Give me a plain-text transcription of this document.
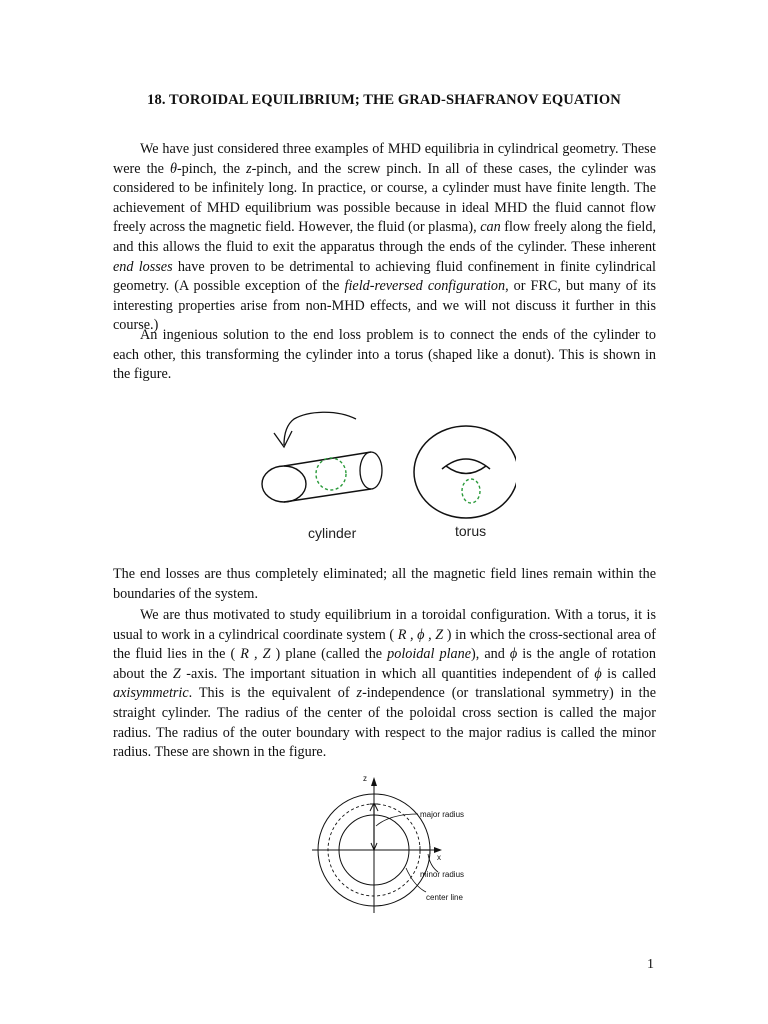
18. TOROIDAL EQUILIBRIUM; THE GRAD-SHAFRANOV EQUATION

We have just considered three examples of MHD equilibria in cylindrical geometry. These were the θ-pinch, the z-pinch, and the screw pinch. In all of these cases, the cylinder was considered to be infinitely long. In practice, or course, a cylinder must have finite length. The achievement of MHD equilibrium was possible because in ideal MHD the fluid cannot flow freely across the magnetic field. However, the fluid (or plasma), can flow freely along the field, and this allows the fluid to exit the apparatus through the ends of the cylinder. These inherent end losses have proven to be detrimental to achieving fluid confinement in finite cylindrical geometry. (A possible exception of the field-reversed configuration, or FRC, but many of its interesting properties arise from non-MHD effects, and we will not discuss it further in this course.)

An ingenious solution to the end loss problem is to connect the ends of the cylinder to each other, this transforming the cylinder into a torus (shaped like a donut). This is shown in the figure.

cylinder	torus

The end losses are thus completely eliminated; all the magnetic field lines remain within the boundaries of the system.

We are thus motivated to study equilibrium in a toroidal configuration. With a torus, it is usual to work in a cylindrical coordinate system ( R , ϕ , Z ) in which the cross-sectional area of the fluid lies in the ( R , Z ) plane (called the poloidal plane), and ϕ is the angle of rotation about the Z -axis. The important situation in which all quantities independent of ϕ is called axisymmetric. This is the equivalent of z-independence (or translational symmetry) in the straight cylinder. The radius of the center of the poloidal cross section is called the major radius. The radius of the outer boundary with respect to the major radius is called the minor radius. These are shown in the figure.

z
x
major radius
minor radius
center line
1
